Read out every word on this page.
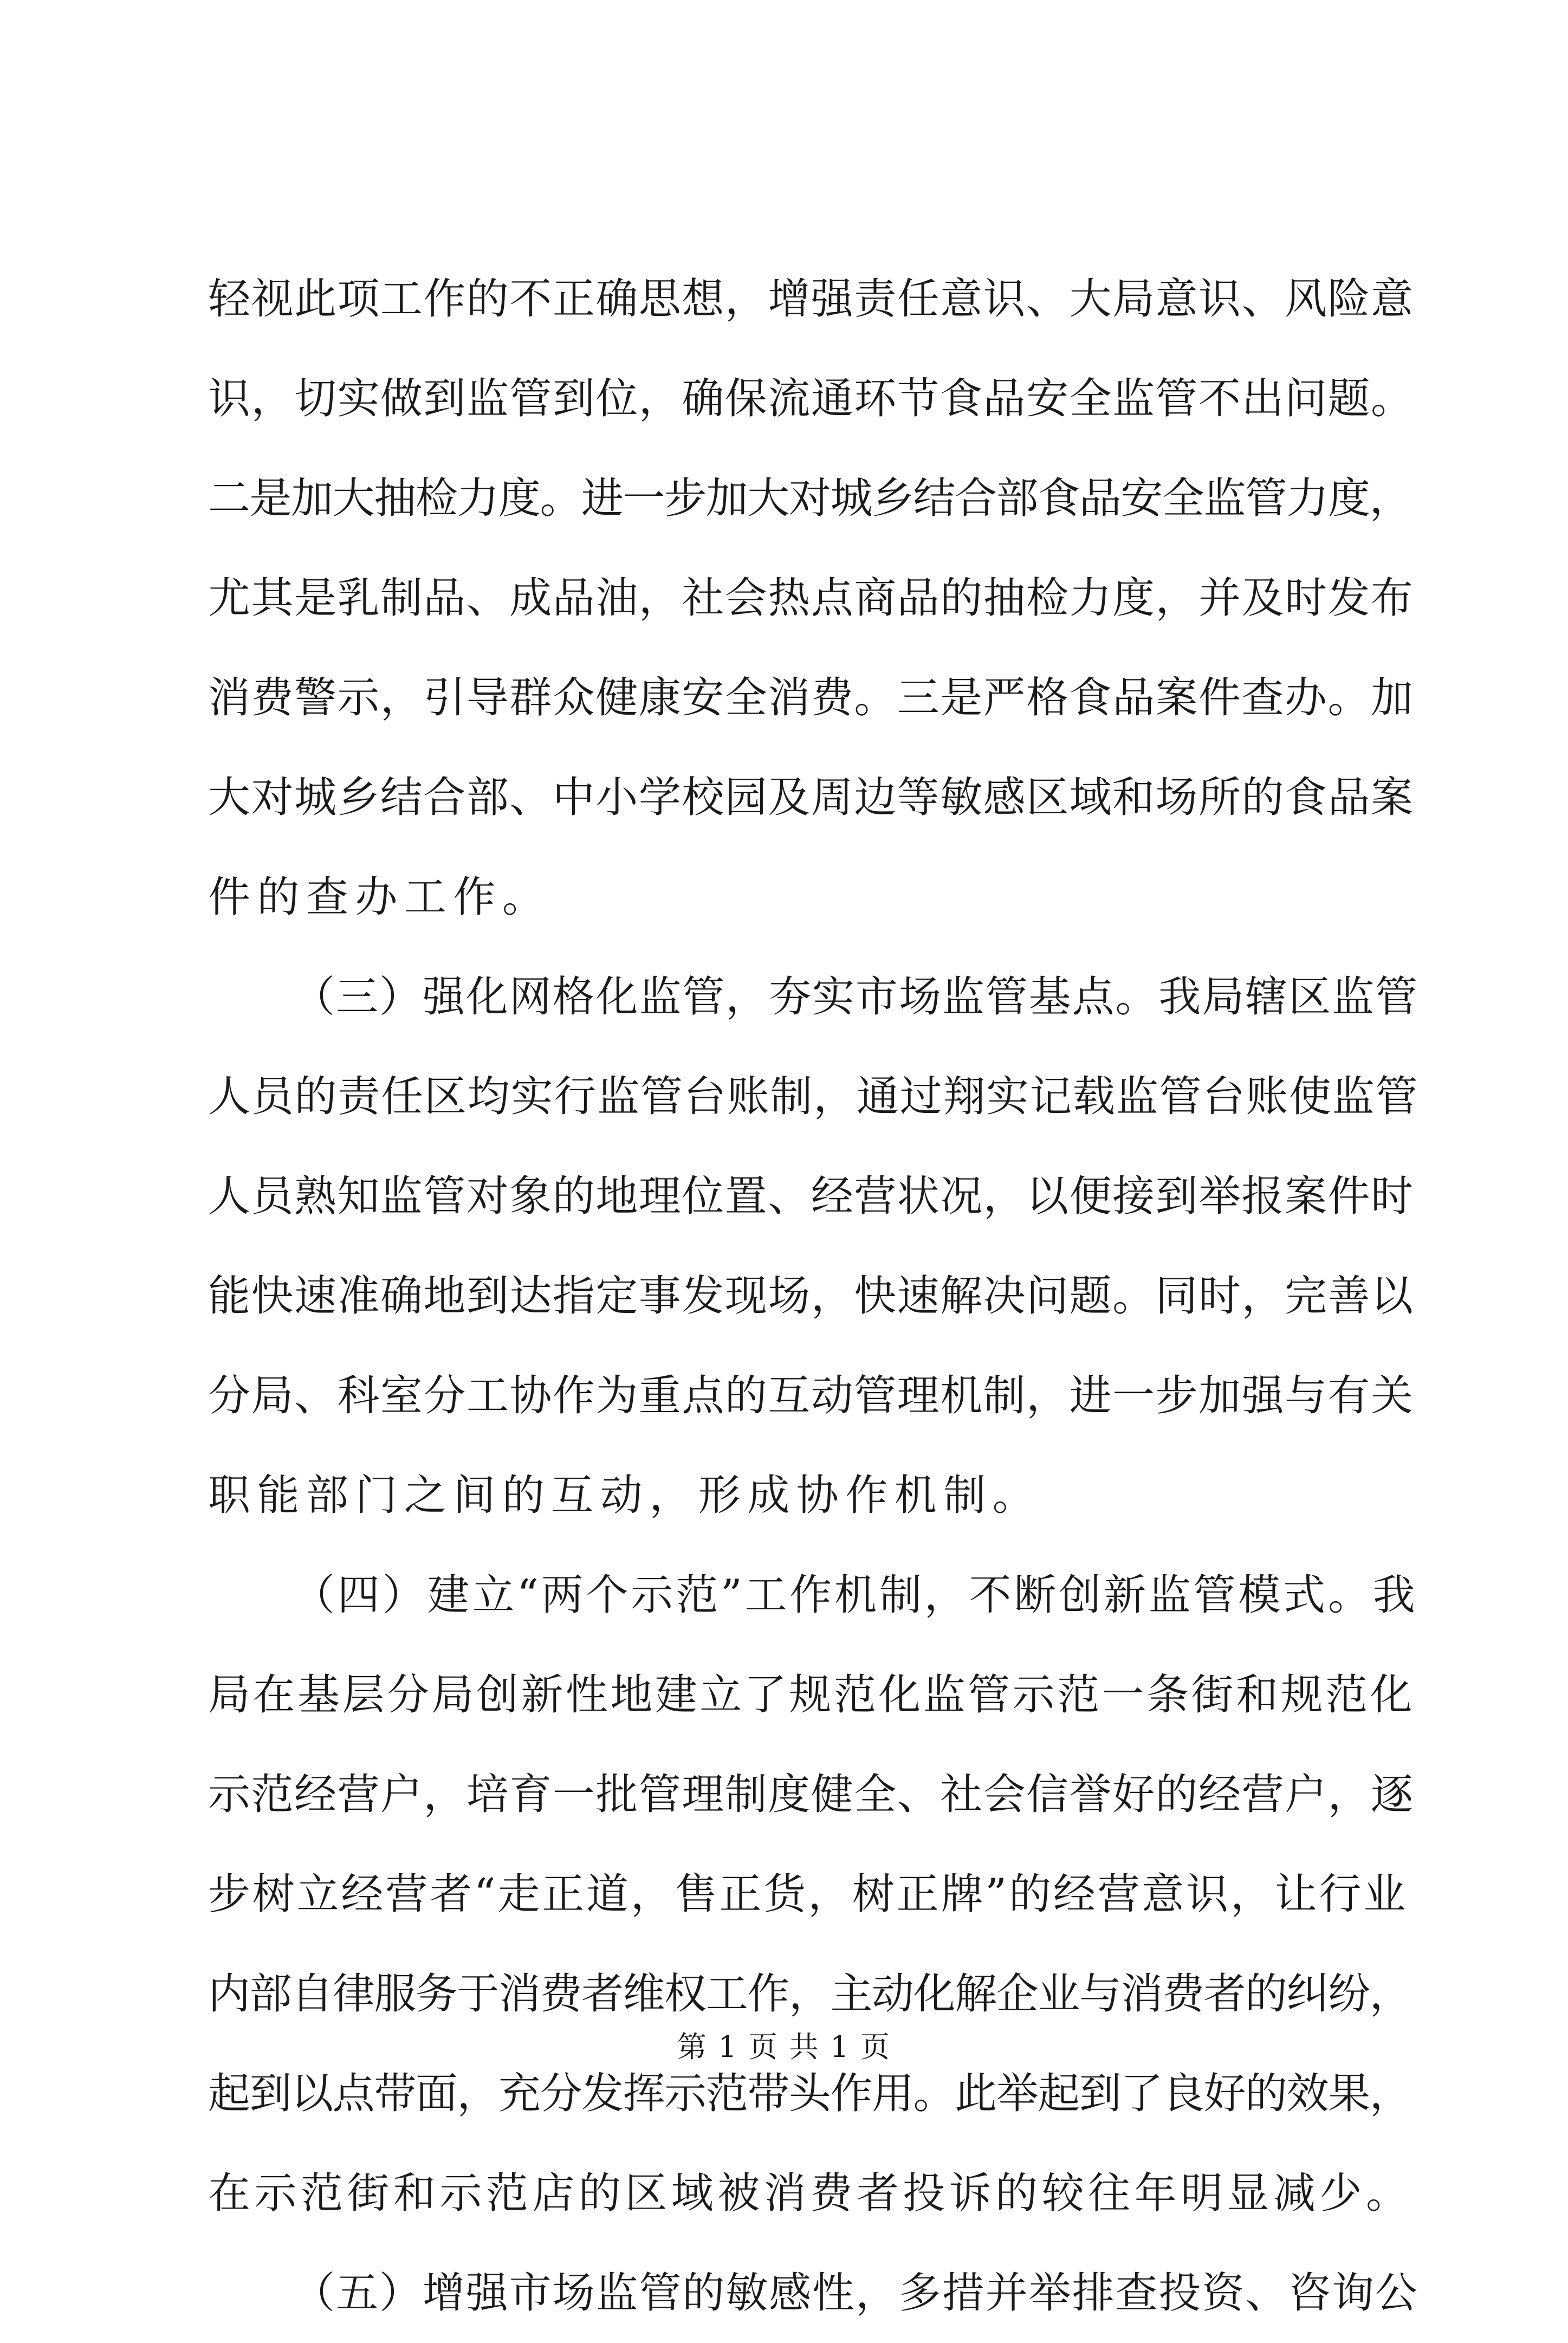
轻视此项工作的不正确思想，增强责任意识、大局意识、风险意
识，切实做到监管到位，确保流通环节食品安全监管不出问题。
二是加大抽检力度。进一步加大对城乡结合部食品安全监管力度，
尤其是乳制品、成品油，社会热点商品的抽检力度，并及时发布
消费警示，引导群众健康安全消费。三是严格食品案件查办。加
大对城乡结合部、中小学校园及周边等敏感区域和场所的食品案
件的查办工作。
（三）强化网格化监管，夯实市场监管基点。我局辖区监管
人员的责任区均实行监管台账制，通过翔实记载监管台账使监管
人员熟知监管对象的地理位置、经营状况，以便接到举报案件时
能快速准确地到达指定事发现场，快速解决问题。同时，完善以
分局、科室分工协作为重点的互动管理机制，进一步加强与有关
职能部门之间的互动，形成协作机制。
（四）建立“两个示范”工作机制，不断创新监管模式。我
局在基层分局创新性地建立了规范化监管示范一条街和规范化
示范经营户，培育一批管理制度健全、社会信誉好的经营户，逐
步树立经营者“走正道，售正货，树正牌”的经营意识，让行业
内部自律服务于消费者维权工作，主动化解企业与消费者的纠纷，
起到以点带面，充分发挥示范带头作用。此举起到了良好的效果，
在示范街和示范店的区域被消费者投诉的较往年明显减少。
（五）增强市场监管的敏感性，多措并举排查投资、咨询公
第 1 页 共 1 页
